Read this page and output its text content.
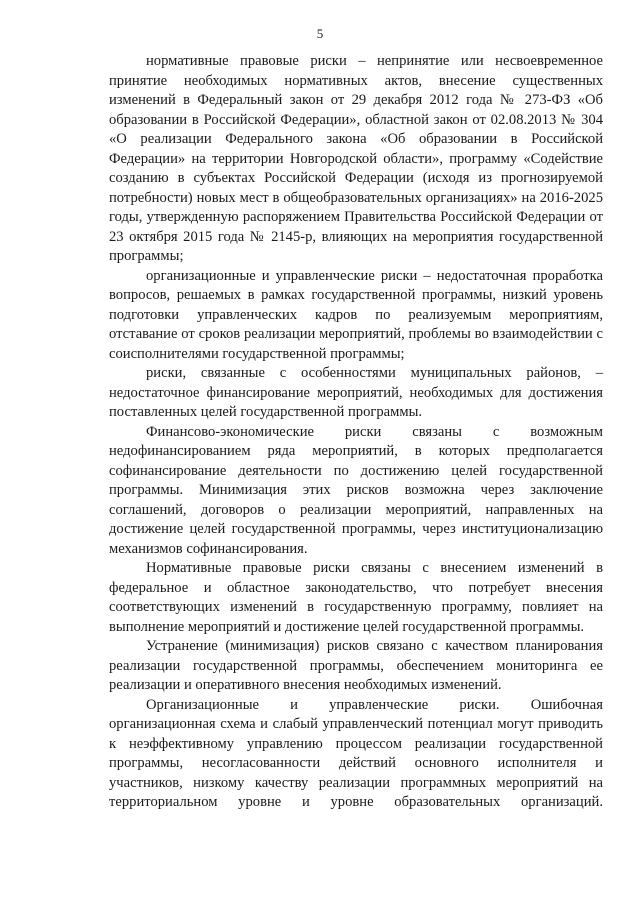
5

нормативные правовые риски – непринятие или несвоевременное принятие необходимых нормативных актов, внесение существенных изменений в Федеральный закон от 29 декабря 2012 года № 273-ФЗ «Об образовании в Российской Федерации», областной закон от 02.08.2013 № 304 «О реализации Федерального закона «Об образовании в Российской Федерации» на территории Новгородской области», программу «Содействие созданию в субъектах Российской Федерации (исходя из прогнозируемой потребности) новых мест в общеобразовательных организациях» на 2016-2025 годы, утвержденную распоряжением Правительства Российской Федерации от 23 октября 2015 года № 2145-р, влияющих на мероприятия государственной программы;

организационные и управленческие риски – недостаточная проработка вопросов, решаемых в рамках государственной программы, низкий уровень подготовки управленческих кадров по реализуемым мероприятиям, отставание от сроков реализации мероприятий, проблемы во взаимодействии с соисполнителями государственной программы;

риски, связанные с особенностями муниципальных районов, – недостаточное финансирование мероприятий, необходимых для достижения поставленных целей государственной программы.

Финансово-экономические риски связаны с возможным недофинансированием ряда мероприятий, в которых предполагается софинансирование деятельности по достижению целей государственной программы. Минимизация этих рисков возможна через заключение соглашений, договоров о реализации мероприятий, направленных на достижение целей государственной программы, через институционализацию механизмов софинансирования.

Нормативные правовые риски связаны с внесением изменений в федеральное и областное законодательство, что потребует внесения соответствующих изменений в государственную программу, повлияет на выполнение мероприятий и достижение целей государственной программы.

Устранение (минимизация) рисков связано с качеством планирования реализации государственной программы, обеспечением мониторинга ее реализации и оперативного внесения необходимых изменений.

Организационные и управленческие риски. Ошибочная организационная схема и слабый управленческий потенциал могут приводить к неэффективному управлению процессом реализации государственной программы, несогласованности действий основного исполнителя и участников, низкому качеству реализации программных мероприятий на территориальном уровне и уровне образовательных организаций.
